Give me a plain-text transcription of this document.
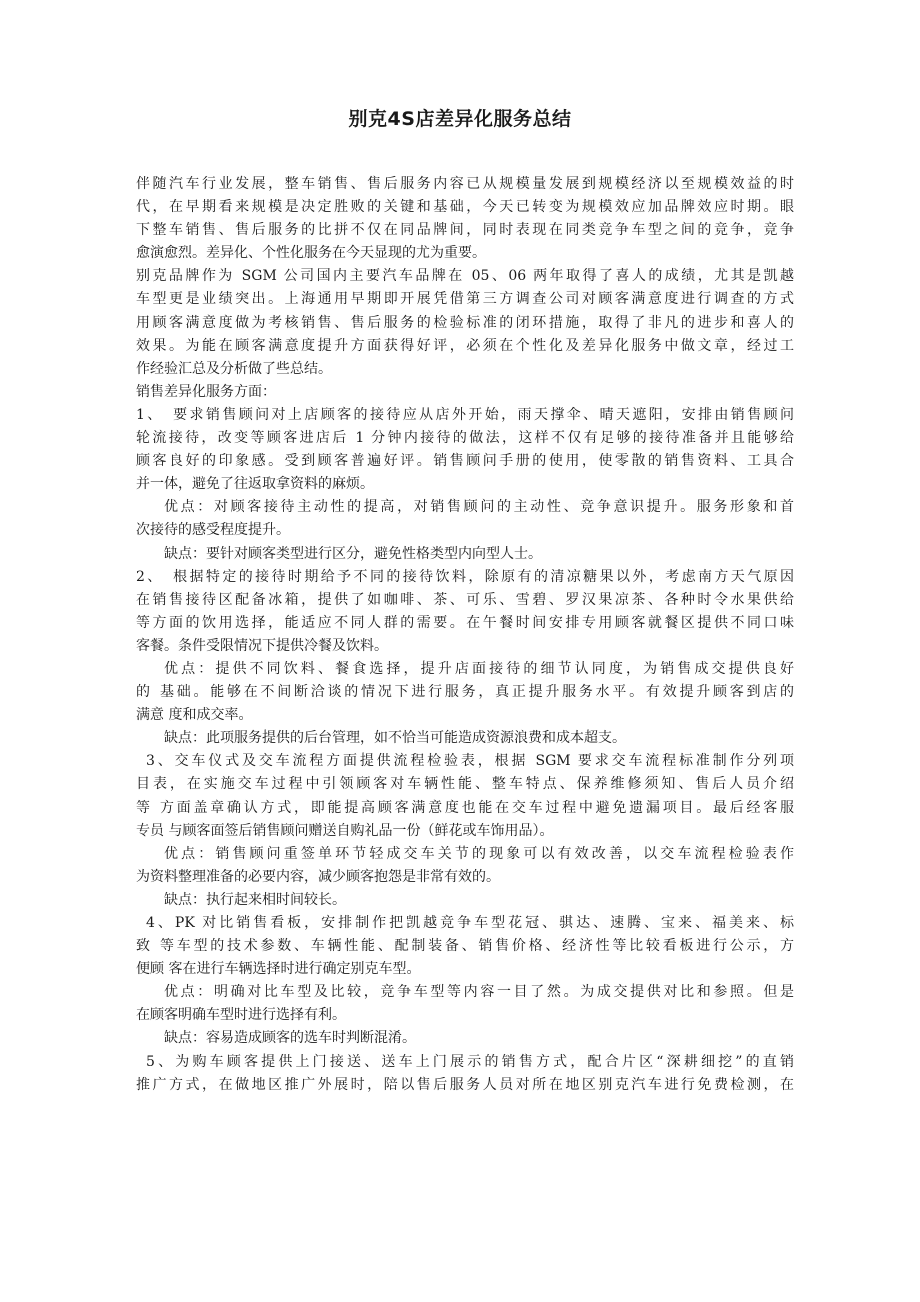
别克4S店差异化服务总结
伴随汽车行业发展，整车销售、售后服务内容已从规模量发展到规模经济以至规模效益的时
代，在早期看来规模是决定胜败的关键和基础，今天已转变为规模效应加品牌效应时期。眼
下整车销售、售后服务的比拼不仅在同品牌间，同时表现在同类竞争车型之间的竞争，竞争
愈演愈烈。差异化、个性化服务在今天显现的尤为重要。
别克品牌作为 SGM 公司国内主要汽车品牌在 05、06 两年取得了喜人的成绩，尤其是凯越
车型更是业绩突出。上海通用早期即开展凭借第三方调查公司对顾客满意度进行调查的方式
用顾客满意度做为考核销售、售后服务的检验标准的闭环措施，取得了非凡的进步和喜人的
效果。为能在顾客满意度提升方面获得好评，必须在个性化及差异化服务中做文章，经过工
作经验汇总及分析做了些总结。
销售差异化服务方面：
1、　要求销售顾问对上店顾客的接待应从店外开始，雨天撑伞、晴天遮阳，安排由销售顾问
轮流接待，改变等顾客进店后 1 分钟内接待的做法，这样不仅有足够的接待准备并且能够给
顾客良好的印象感。受到顾客普遍好评。销售顾问手册的使用，使零散的销售资料、工具合
并一体，避免了往返取拿资料的麻烦。
优点：对顾客接待主动性的提高，对销售顾问的主动性、竞争意识提升。服务形象和首
次接待的感受程度提升。
缺点：要针对顾客类型进行区分，避免性格类型内向型人士。
2、　根据特定的接待时期给予不同的接待饮料，除原有的清凉糖果以外，考虑南方天气原因
在销售接待区配备冰箱，提供了如咖啡、茶、可乐、雪碧、罗汉果凉茶、各种时令水果供给
等方面的饮用选择，能适应不同人群的需要。在午餐时间安排专用顾客就餐区提供不同口味
客餐。条件受限情况下提供冷餐及饮料。
优点：提供不同饮料、餐食选择，提升店面接待的细节认同度，为销售成交提供良好
的 基础。能够在不间断洽谈的情况下进行服务，真正提升服务水平。有效提升顾客到店的
满意 度和成交率。
缺点：此项服务提供的后台管理，如不恰当可能造成资源浪费和成本超支。
3、交车仪式及交车流程方面提供流程检验表，根据 SGM 要求交车流程标准制作分列项
目表，在实施交车过程中引领顾客对车辆性能、整车特点、保养维修须知、售后人员介绍
等 方面盖章确认方式，即能提高顾客满意度也能在交车过程中避免遗漏项目。最后经客服
专员 与顾客面签后销售顾问赠送自购礼品一份（鲜花或车饰用品）。
优点：销售顾问重签单环节轻成交车关节的现象可以有效改善，以交车流程检验表作
为资料整理准备的必要内容，减少顾客抱怨是非常有效的。
缺点：执行起来相时间较长。
4、PK 对比销售看板，安排制作把凯越竞争车型花冠、骐达、速腾、宝来、福美来、标
致 等车型的技术参数、车辆性能、配制装备、销售价格、经济性等比较看板进行公示，方
便顾 客在进行车辆选择时进行确定别克车型。
优点：明确对比车型及比较，竞争车型等内容一目了然。为成交提供对比和参照。但是
在顾客明确车型时进行选择有利。
缺点：容易造成顾客的选车时判断混淆。
5、为购车顾客提供上门接送、送车上门展示的销售方式，配合片区“深耕细挖”的直销
推广方式，在做地区推广外展时，陪以售后服务人员对所在地区别克汽车进行免费检测，在
